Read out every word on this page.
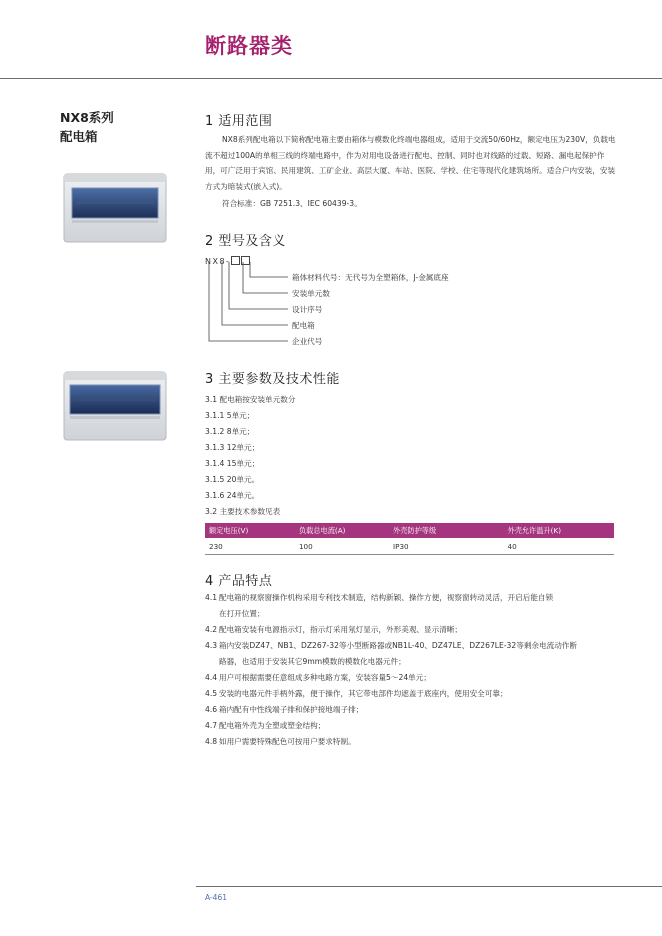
断路器类
NX8系列
配电箱
1 适用范围
NX8系列配电箱以下简称配电箱主要由箱体与模数化终端电器组成，适用于交流50/60Hz，额定电压为230V，负载电流不超过100A的单相三线的终端电路中，作为对用电设备进行配电、控制、同时也对线路的过载、短路、漏电起保护作用，可广泛用于宾馆、民用建筑、工矿企业、高层大厦、车站、医院、学校、住宅等现代化建筑场所。适合户内安装，安装方式为暗装式(嵌入式)。
符合标准：GB 7251.3、IEC 60439-3。
2 型号及含义
NX8-
箱体材料代号：无代号为全塑箱体，J-金属底座
安装单元数
设计序号
配电箱
企业代号
3 主要参数及技术性能
3.1 配电箱按安装单元数分
3.1.1 5单元；
3.1.2 8单元；
3.1.3 12单元；
3.1.4 15单元；
3.1.5 20单元。
3.1.6 24单元。
3.2 主要技术参数见表
额定电压(V)	负载总电流(A)	外壳防护等级	外壳允许温升(K)
230	100	IP30	40
4 产品特点
4.1 配电箱的视察窗操作机构采用专利技术制造，结构新颖、操作方便，视察窗转动灵活，开启后能自锁
在打开位置；
4.2 配电箱安装有电源指示灯，指示灯采用氖灯显示，外形美观、显示清晰；
4.3 箱内安装DZ47、NB1、DZ267-32等小型断路器或NB1L-40、DZ47LE、DZ267LE-32等剩余电流动作断
路器，也适用于安装其它9mm模数的模数化电器元件；
4.4 用户可根据需要任意组成多种电路方案，安装容量5～24单元；
4.5 安装的电器元件手柄外露，便于操作，其它带电部件均遮盖于底座内，使用安全可靠；
4.6 箱内配有中性线端子排和保护接地端子排；
4.7 配电箱外壳为全塑或塑金结构；
4.8 如用户需要特殊配色可按用户要求特制。
A-461
